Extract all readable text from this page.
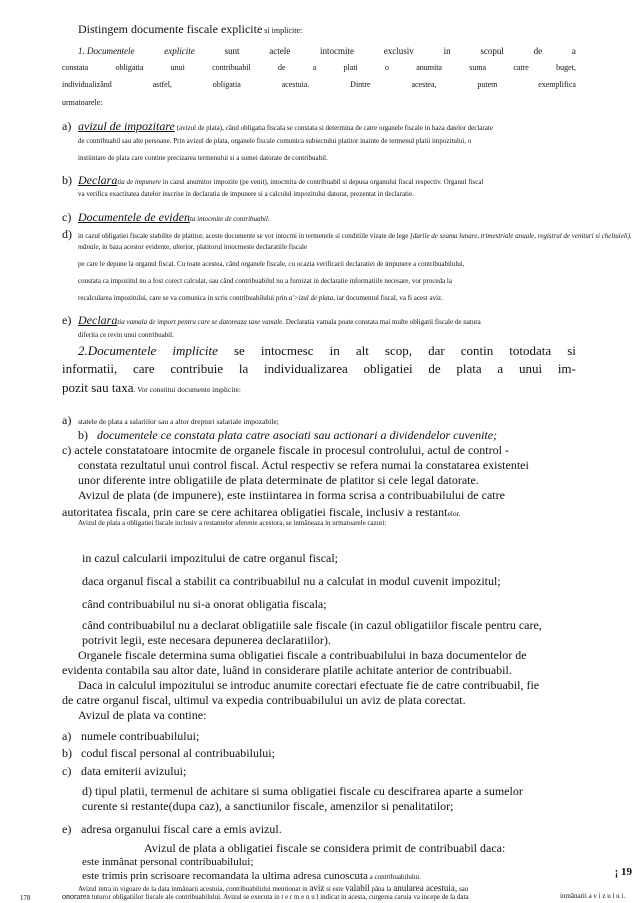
Distingem documente fiscale explicite si implicite:
1. Documentele	explicite	sunt	actele	intocmite	exclusiv	in	scopul	de	a
constata	obligatia	unui	contribuabil	de	a	plati	o	anumita	suma	catre	buget,
individualizând	astfel,	obligatia	acestuia.	Dintre	acestea,	putem	exemplifica
urmatoarele:
a) avizul de impozitare (avizul de plata), când obligatia fiscala se constata si determina de catre organele fiscale in baza datelor declarate
de contribuabil sau alte persoane. Prin avizul de plata, organele fiscale comunica subiectului platitor inainte de termenul platii impozitului, o
instiintare de plata care contine precizarea termenului si a sumei datorate de contribuabil.
b) Declaratia de impunere in cazul anumitor impozite (pe venit), intocmita de contribuabil si depusa organului fiscal respectiv. Organul fiscal
va verifica exactitatea datelor inscrise in declaratia de impunere si a calculul impozitului datorat, prezentat in declaratie.
c) Documentele de evidenta intocmite de contribuabil.
d) in cazul obligatiei fiscale stabilite de platitor, aceste documente se vor intocmi in termenele si conditiile vizate de lege [darile de seama lunare, trimestriale anuale, registrul de venituri si cheltuieli).
mânale, in baza acestor evidente, ulterior, platitorul intocmeste declaratiile fiscale
pe care le depune la organul fiscal. Cu toate acestea, când organele fiscale, cu ocazia verificarii declaratiei de impunere a contribuabilului,
constata ca impozitul nu a fost corect calculat, sau când contribuabilul nu a furnizat in declaratie informatiile necesare, vor proceda la
recalcularea impozitului, care se va comunica in scris contribuabilului prin a'>izul de plata, iar documentul fiscal, va fi acest aviz.
e) Declaratia vamala de import pentru care se datoreaza taxe vamale. Declaratia vamala poate constata mai multe obligatii fiscale de natura
diferita ce revin unui contribuabil.
2.Documentele implicite se intocmesc in alt scop, dar contin totodata si
informatii, care contribuie la individualizarea obligatiei de plata a unui im-
pozit sau taxa. Vor constitui documente implicite:
a) statele de plata a salariilor sau a altor drepturi salariale impozabile;
b) documentele ce constata plata catre asociati sau actionari a dividendelor cuvenite;
c) actele constatatoare intocmite de organele fiscale in procesul controlului, actul de control -
constata rezultatul unui control fiscal. Actul respectiv se refera numai la constatarea existentei
unor diferente intre obligatiile de plata determinate de platitor si cele legal datorate.
Avizul de plata (de impunere), este instiintarea in forma scrisa a contribuabilului de catre
autoritatea fiscala, prin care se cere achitarea obligatiei fiscale, inclusiv a restantelor.
Avizul de plata a obligatiei fiscale inclusiv a restantelor aferente acestora, se inmâneaza in urmatoarele cazuri:
in cazul calcularii impozitului de catre organul fiscal;
daca organul fiscal a stabilit ca contribuabilul nu a calculat in modul cuvenit impozitul;
când contribuabilul nu si-a onorat obligatia fiscala;
când contribuabilul nu a declarat obligatiile sale fiscale (in cazul obligatiilor fiscale pentru care,
potrivit legii, este necesara depunerea declaratiilor).
Organele fiscale determina suma obligatiei fiscale a contribuabilului in baza documentelor de
evidenta contabila sau altor date, luând in considerare platile achitate anterior de contribuabil.
Daca in calculul impozitului se introduc anumite corectari efectuate fie de catre contribuabil, fie
de catre organul fiscal, ultimul va expedia contribuabilului un aviz de plata corectat.
Avizul de plata va contine:
a) numele contribuabilului;
b) codul fiscal personal al contribuabilului;
c) data emiterii avizului;
d) tipul platii, termenul de achitare si suma obligatiei fiscale cu descifrarea aparte a sumelor
curente si restante(dupa caz), a sanctiunilor fiscale, amenzilor si penalitatilor;
e) adresa organului fiscal care a emis avizul.
Avizul de plata a obligatiei fiscale se considera primit de contribuabil daca:
178
¡ 19
este inmânat personal contribuabilului;
este trimis prin scrisoare recomandata la ultima adresa cunoscuta a contribuabilului.
Avizul intra in vigoare de la data inmânarii acestuia, contribuabilului mentionat in aviz si este valabil pâna la anularea acestuia, sau
onorarea tuturor obligatiilor fiscale ale contribuabilului. Avizul se executa in t e r m e n u l indicat in acesta, curgerea caruia va incepe de la data	inmânarii a v i z u l u i.
